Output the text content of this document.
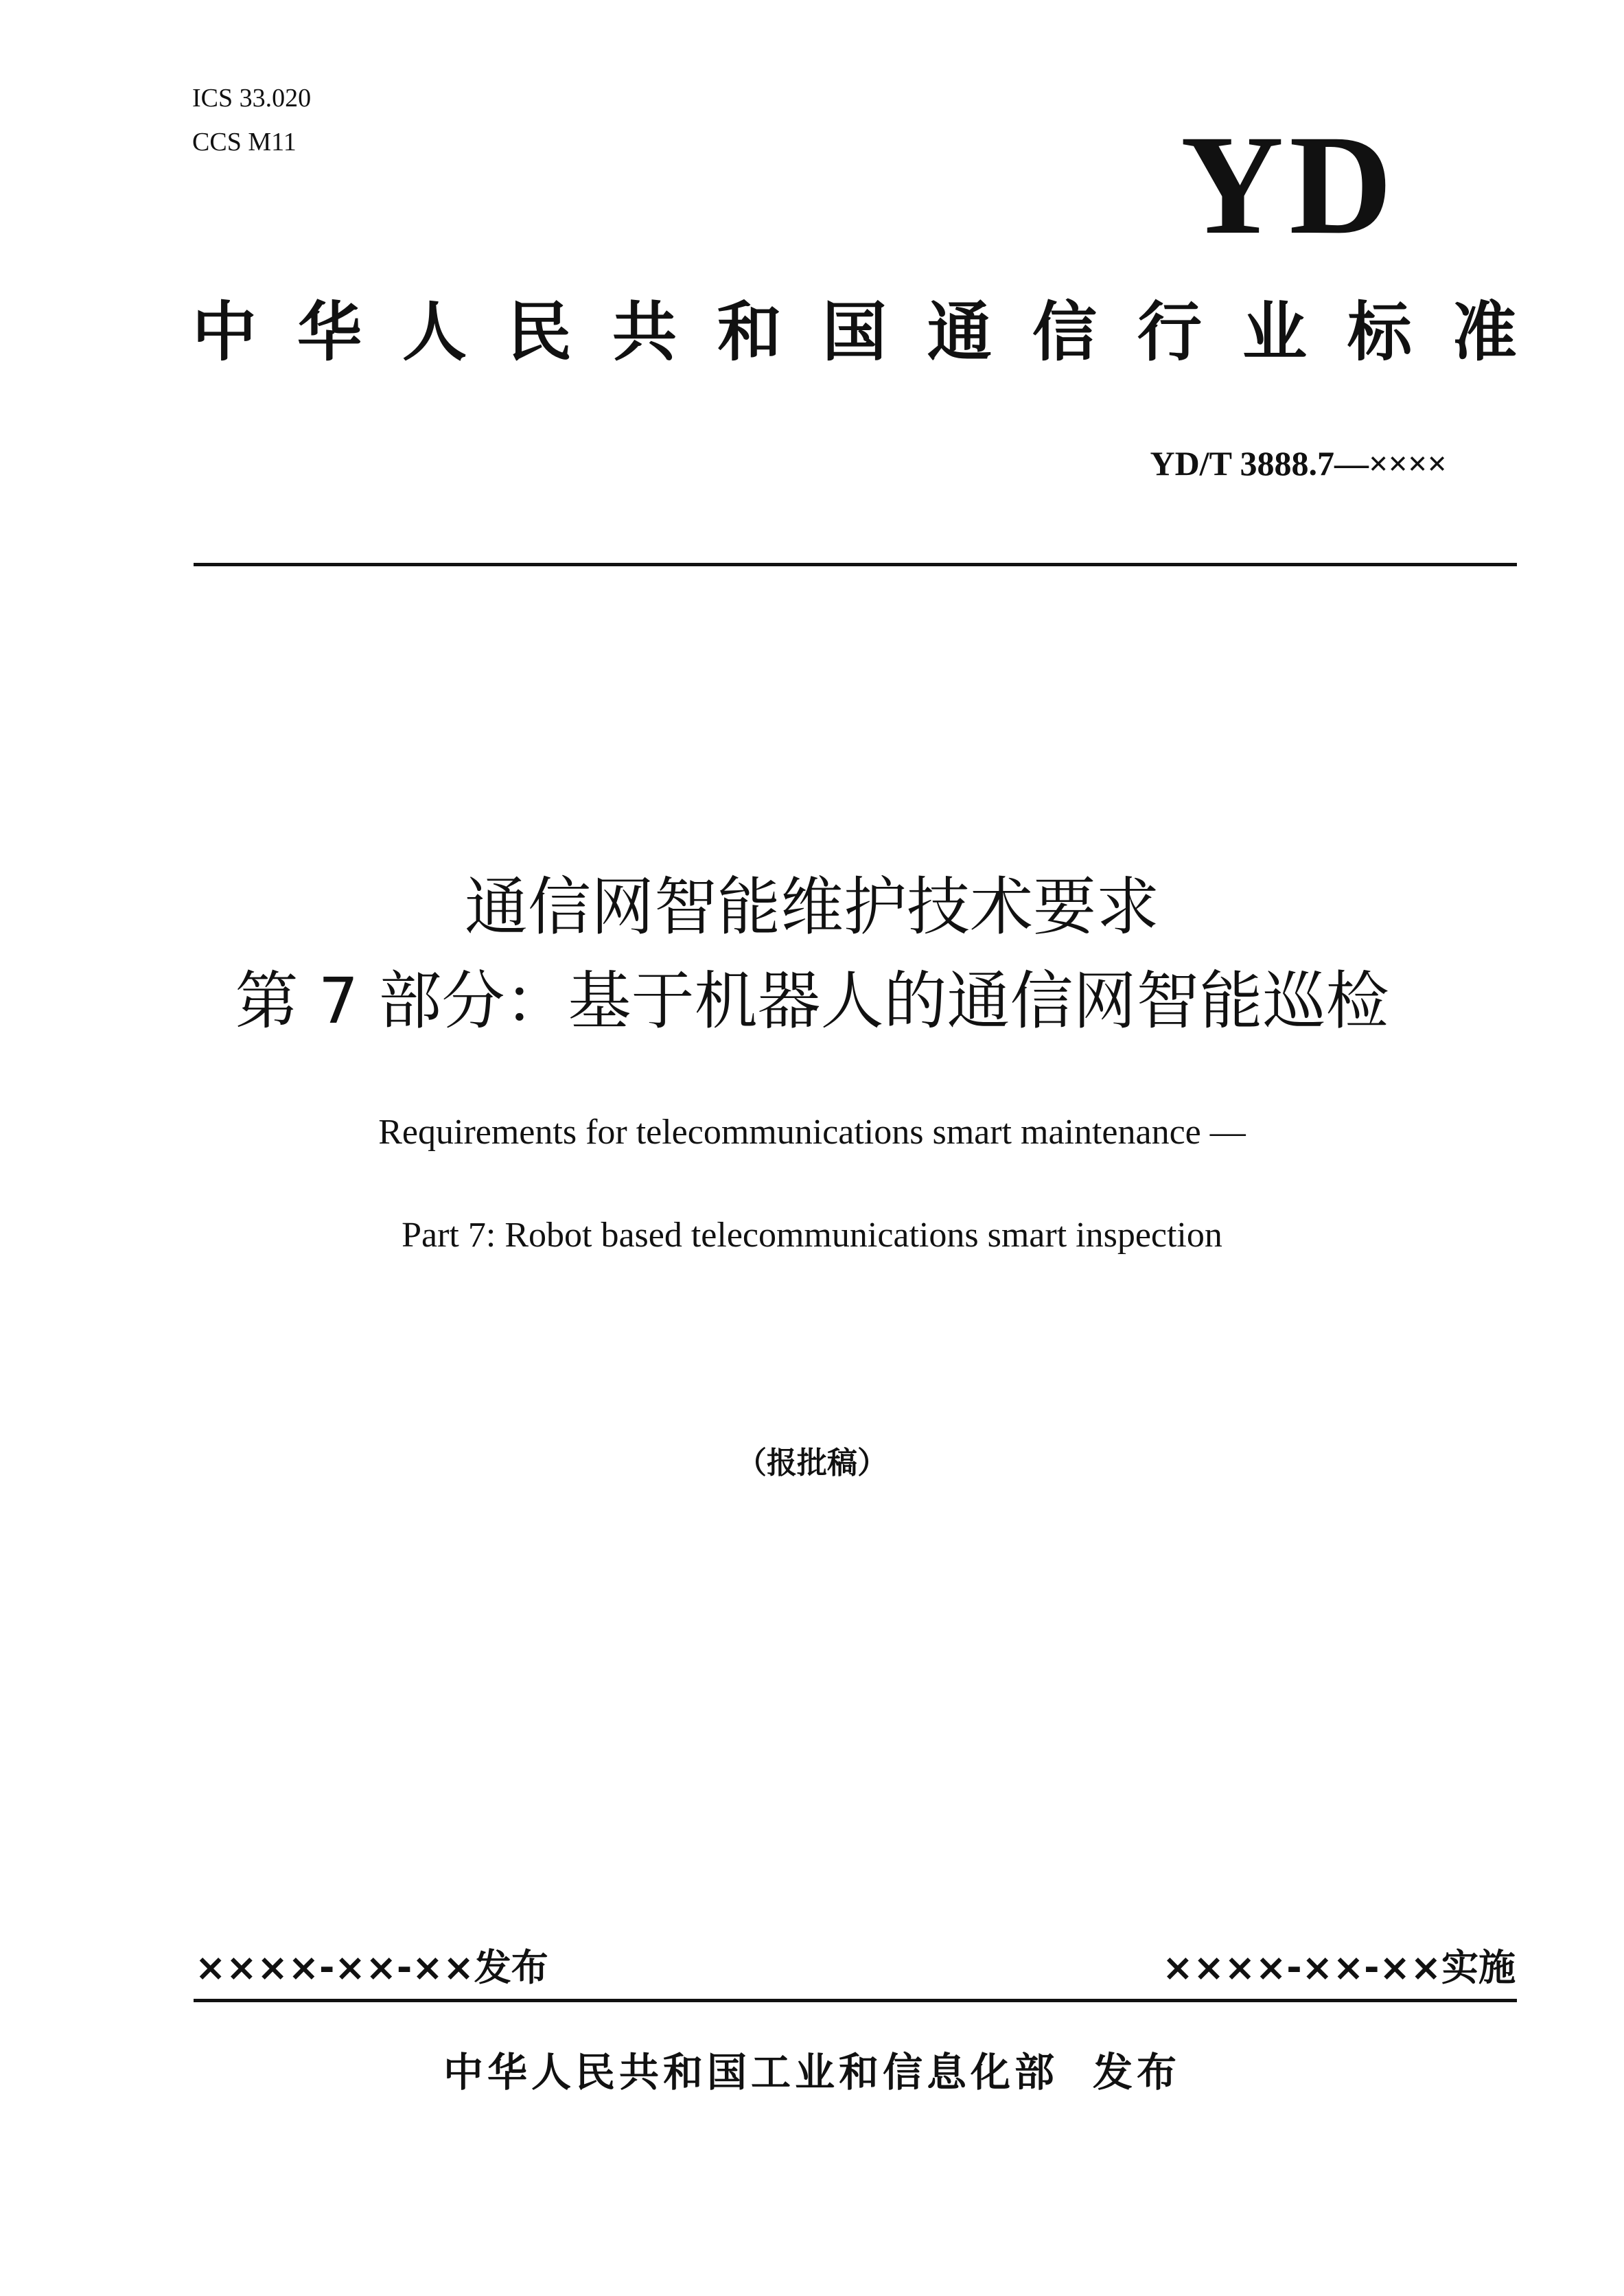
ICS 33.020
CCS M11	YD
中 华 人 民 共 和 国 通 信 行 业 标 准
YD/T 3888.7—××××
通信网智能维护技术要求
第 7 部分：基于机器人的通信网智能巡检
Requirements for telecommunications smart maintenance —
Part 7: Robot based telecommunications smart inspection
（报批稿）
××××-××-××发布	××××-××-××实施
中华人民共和国工业和信息化部 发布
